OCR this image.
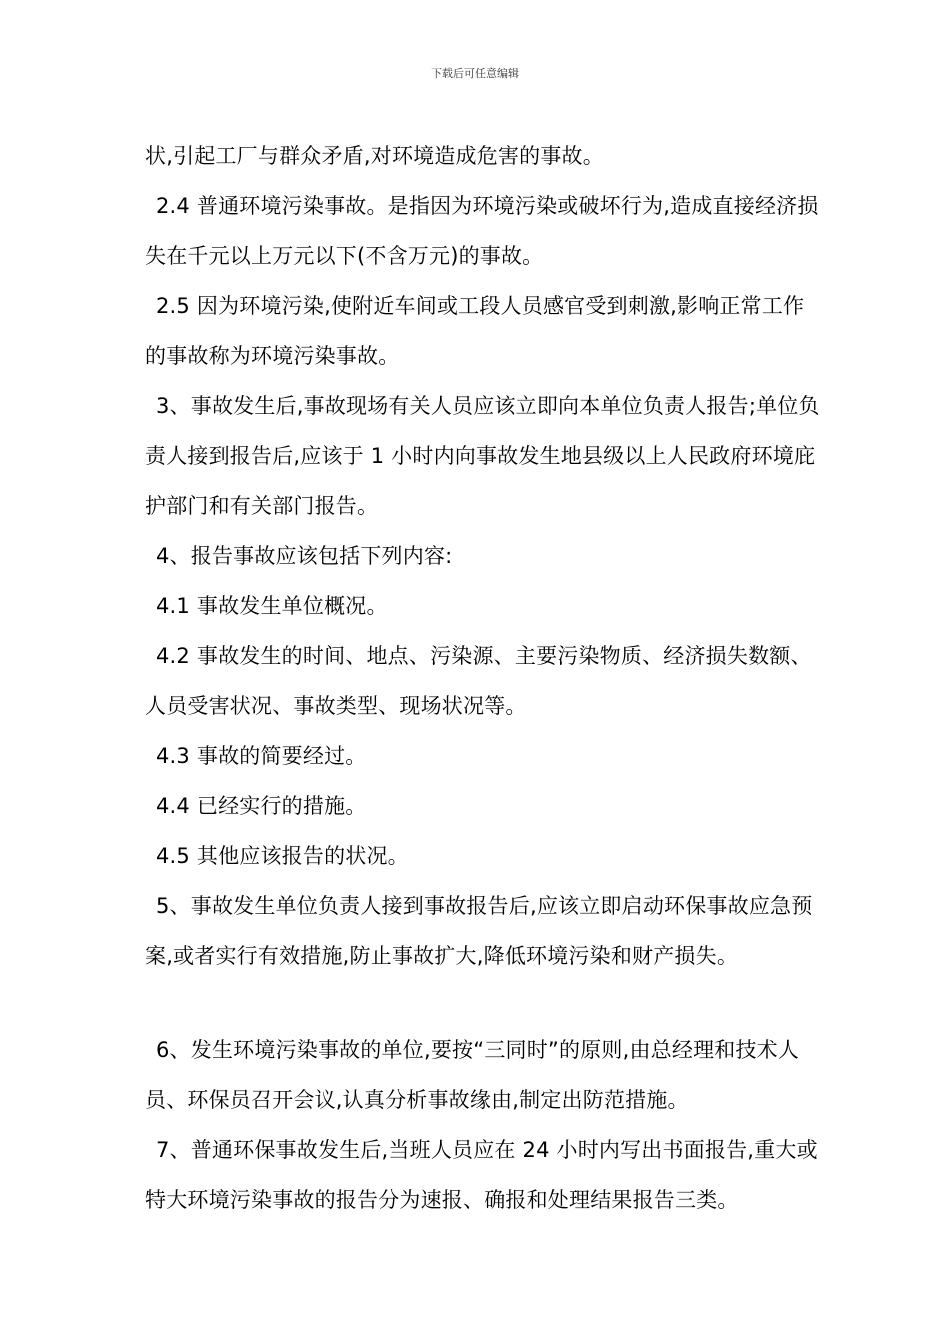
下载后可任意编辑

状,引起工厂与群众矛盾,对环境造成危害的事故。

2.4 普通环境污染事故。是指因为环境污染或破坏行为,造成直接经济损失在千元以上万元以下(不含万元)的事故。

2.5 因为环境污染,使附近车间或工段人员感官受到刺激,影响正常工作的事故称为环境污染事故。

3、事故发生后,事故现场有关人员应该立即向本单位负责人报告;单位负责人接到报告后,应该于 1 小时内向事故发生地县级以上人民政府环境庇护部门和有关部门报告。

4、报告事故应该包括下列内容:

4.1 事故发生单位概况。

4.2 事故发生的时间、地点、污染源、主要污染物质、经济损失数额、人员受害状况、事故类型、现场状况等。

4.3 事故的简要经过。

4.4 已经实行的措施。

4.5 其他应该报告的状况。

5、事故发生单位负责人接到事故报告后,应该立即启动环保事故应急预案,或者实行有效措施,防止事故扩大,降低环境污染和财产损失。

6、发生环境污染事故的单位,要按“三同时”的原则,由总经理和技术人员、环保员召开会议,认真分析事故缘由,制定出防范措施。

7、普通环保事故发生后,当班人员应在 24 小时内写出书面报告,重大或特大环境污染事故的报告分为速报、确报和处理结果报告三类。
